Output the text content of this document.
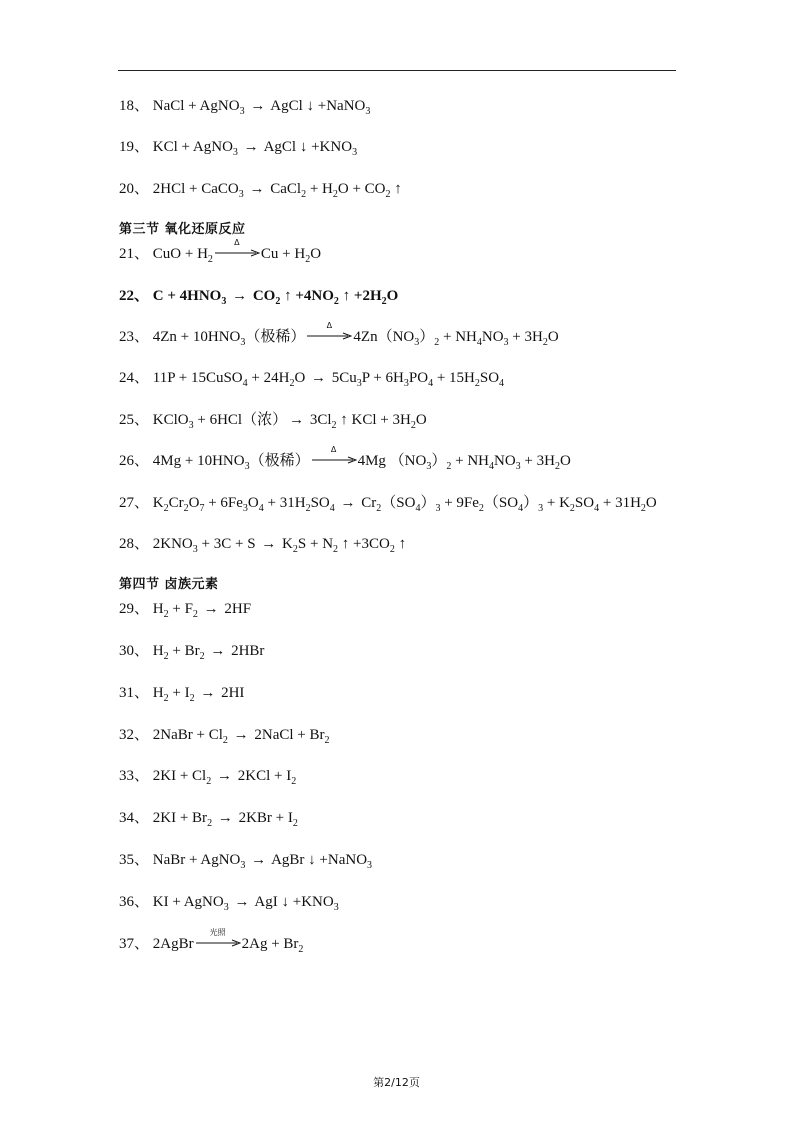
18、 NaCl + AgNO$_3$ → AgCl ↓ +NaNO$_3$
19、 KCl + AgNO$_3$ → AgCl ↓ $+KNO_3$
20、 2HCl + CaCO$_3$ → CaCl$_2$ + $H_2O + CO_2$ ↑
第三节 氧化还原反应
21、 CuO + $H_2$
Δ
$Cu + H_2O$
22、 $C + 4HNO_3 \to CO_2$ ↑ $+4NO_2$ ↑ $+2H_2O$
23、 $4Zn + 10HNO_3$（极稀）
Δ
$4Zn(NO_3)_2 + NH_4NO_3 + 3H_2O$
24、 11P + 15CuSO$_4$ + $24H_2O \to 5Cu_3P + 6H_3PO_4 + 15H_2SO_4$
25、 KClO$_3$ + 6HCl（浓） → $3Cl_2$ ↑ KCl + $3H_2O$
26、 $4Mg + 10HNO_3$（极稀）
Δ
4Mg $(NO_3)_2 + NH_4NO_3 + 3H_2O$
27、 $K_2Cr_2O_7 + 6Fe_3O_4 + 31H_2SO_4 \to Cr_2(SO_4)_3 + 9Fe_2(SO_4)_3 + K_2SO_4 + 31H_2O$
28、 $2KNO_3 + 3C + S \to K_2S + N_2$ ↑ $+3CO_2$ ↑
第四节 卤族元素
29、 $H_2 + F_2 \to 2HF$
30、 $H_2 + Br_2 \to 2HBr$
31、 $H_2 + I_2 \to 2HI$
32、 2NaBr + $Cl_2$ → 2NaCl + $Br_2$
33、 $2KI + Cl_2 \to 2KCl + I_2$
34、 $2KI + Br_2 \to 2KBr + I_2$
35、 NaBr + AgNO$_3$ → AgBr ↓ +NaNO$_3$
36、 KI + AgNO$_3$ → AgI ↓ $+KNO_3$
37、 2AgBr
光照
$2Ag + Br_2$
第2/12页
